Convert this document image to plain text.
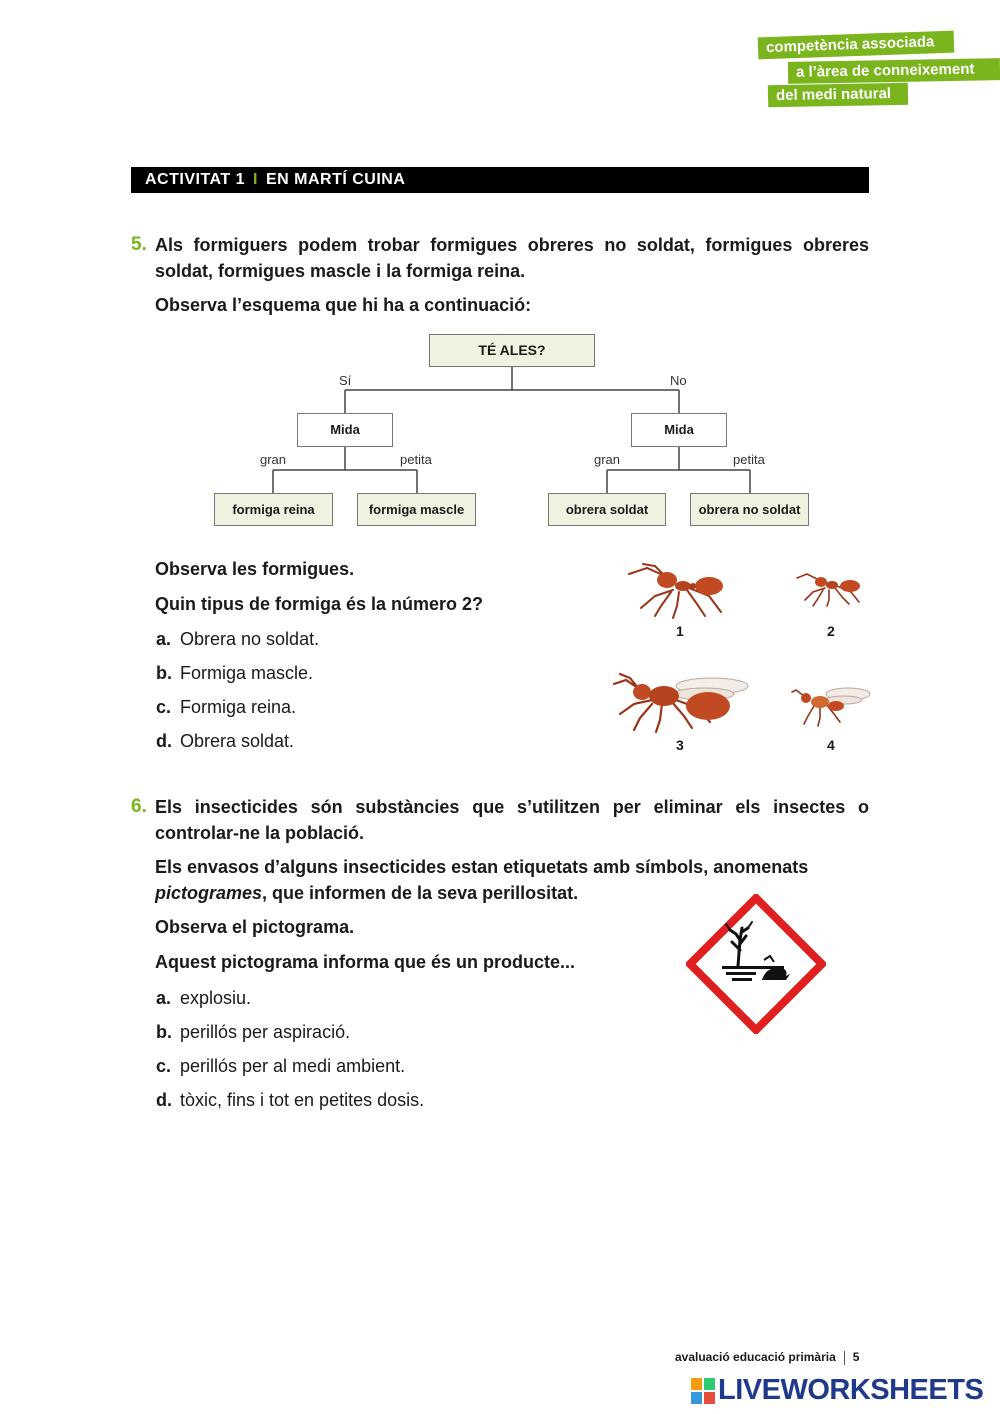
competència associada
a l’àrea de conneixement
del medi natural
ACTIVITAT 1 I EN MARTÍ CUINA
5. Als formiguers podem trobar formigues obreres no soldat, formigues obreres soldat, formigues mascle i la formiga reina.
Observa l’esquema que hi ha a continuació:
TÉ ALES?
Sí	No
Mida	Mida
gran	petita	gran	petita
formiga reina	formiga mascle	obrera soldat	obrera no soldat
Observa les formigues.
Quin tipus de formiga és la número 2?
a. Obrera no soldat.
b. Formiga mascle.
c. Formiga reina.
d. Obrera soldat.
1	2
3	4
6. Els insecticides són substàncies que s’utilitzen per eliminar els insectes o controlar-ne la població.
Els envasos d’alguns insecticides estan etiquetats amb símbols, anomenats pictogrames, que informen de la seva perillositat.
Observa el pictograma.
Aquest pictograma informa que és un producte...
a. explosiu.
b. perillós per aspiració.
c. perillós per al medi ambient.
d. tòxic, fins i tot en petites dosis.
avaluació educació primària 5
LIVEWORKSHEETS
